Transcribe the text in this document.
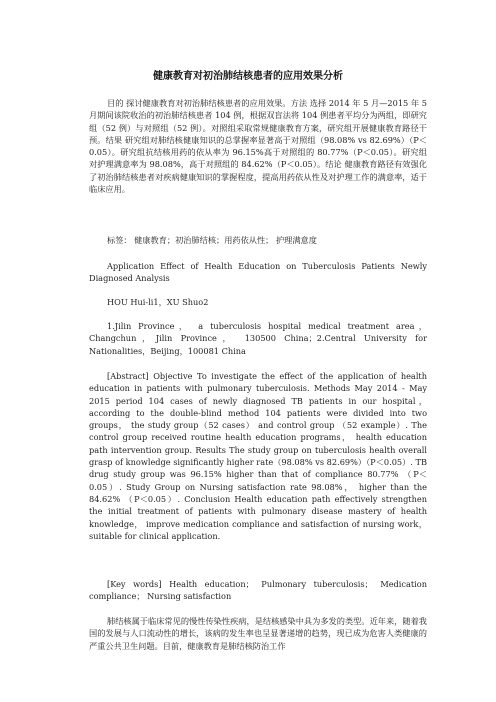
健康教育对初治肺结核患者的应用效果分析

目的 探讨健康教育对初治肺结核患者的应用效果。方法 选择 2014 年 5 月—2015 年 5 月期间该院收治的初治肺结核患者 104 例，根据双盲法将 104 例患者平均分为两组，即研究组（52 例）与对照组（52 例）。对照组采取常规健康教育方案，研究组开展健康教育路径干预。结果 研究组对肺结核健康知识的总掌握率显著高于对照组（98.08% vs 82.69%）（P＜0.05）。研究组抗结核用药的依从率为 96.15%高于对照组的 80.77%（P＜0.05）。研究组对护理满意率为 98.08%，高于对照组的 84.62%（P＜0.05）。结论 健康教育路径有效强化了初治肺结核患者对疾病健康知识的掌握程度，提高用药依从性及对护理工作的满意率，适于临床应用。

标签： 健康教育；初治肺结核；用药依从性； 护理满意度

Application Effect of Health Education on Tuberculosis Patients Newly Diagnosed Analysis

HOU Hui-li1，XU Shuo2

1.Jilin Province， a tuberculosis hospital medical treatment area， Changchun，Jilin Province， 130500 China；2.Central University for Nationalities，Beijing，100081 China

[Abstract] Objective To investigate the effect of the application of health education in patients with pulmonary tuberculosis. Methods May 2014 - May 2015 period 104 cases of newly diagnosed TB patients in our hospital， according to the double-blind method 104 patients were divided into two groups， the study group（52 cases） and control group （52 example）. The control group received routine health education programs， health education path intervention group. Results The study group on tuberculosis health overall grasp of knowledge significantly higher rate（98.08% vs 82.69%）（P＜0.05）. TB drug study group was 96.15% higher than that of compliance 80.77% （P＜0.05）. Study Group on Nursing satisfaction rate 98.08%， higher than the 84.62% （P＜0.05）. Conclusion Health education path effectively strengthen the initial treatment of patients with pulmonary disease mastery of health knowledge， improve medication compliance and satisfaction of nursing work， suitable for clinical application.

[Key words] Health education； Pulmonary tuberculosis； Medication compliance； Nursing satisfaction

肺结核属于临床常见的慢性传染性疾病，是结核感染中具为多发的类型。近年来，随着我国的发展与人口流动性的增长，该病的发生率也呈显著递增的趋势，现已成为危害人类健康的严重公共卫生问题。目前，健康教育是肺结核防治工作
